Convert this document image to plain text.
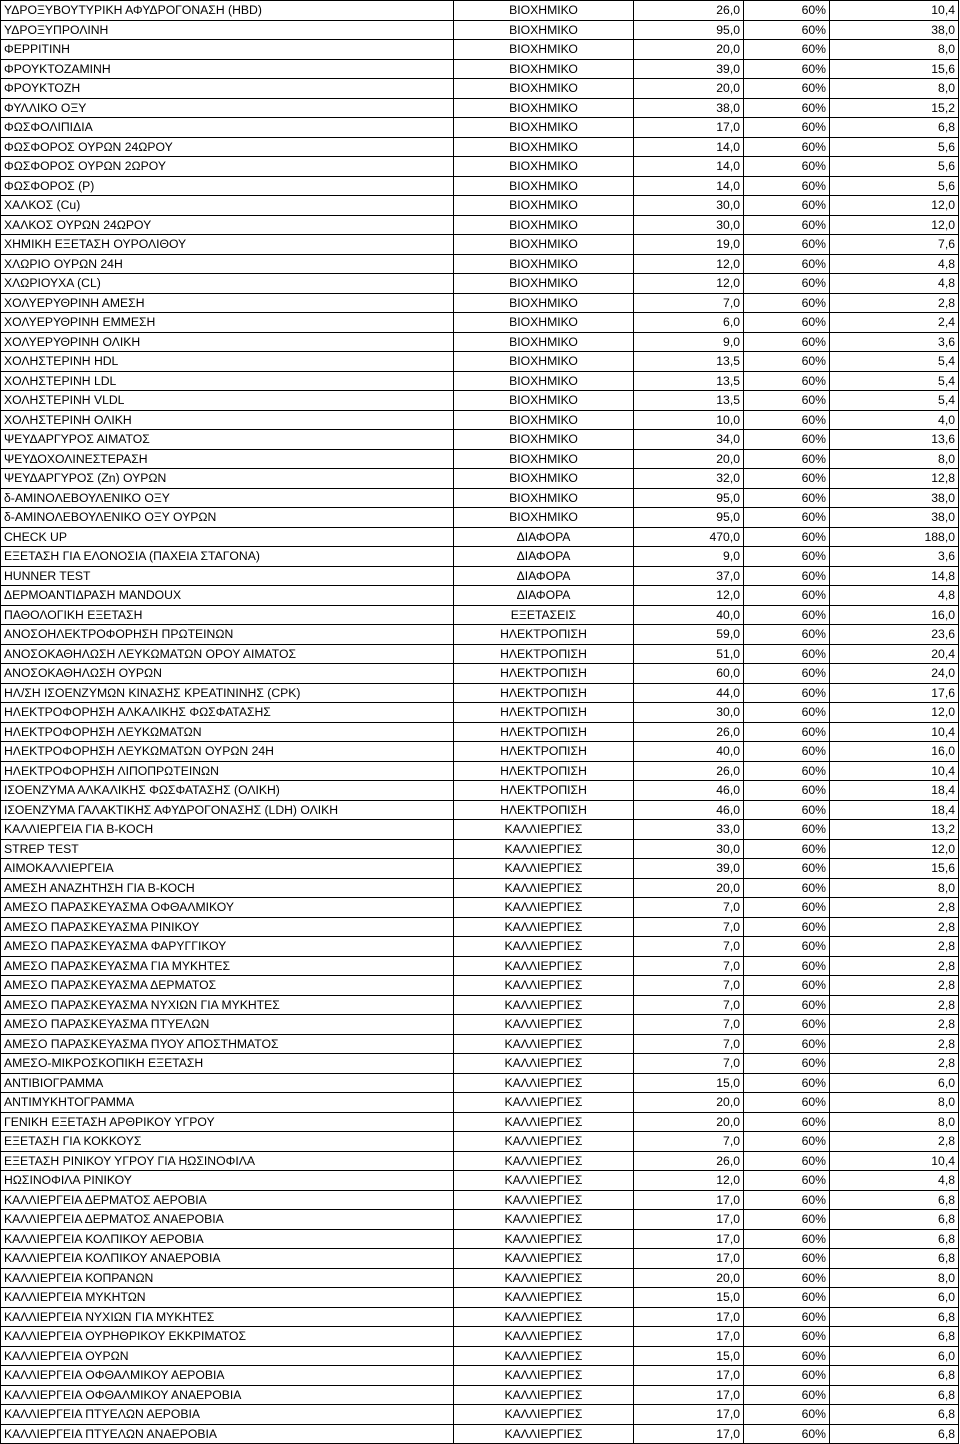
ΥΔΡΟΞΥΒΟΥΤΥΡΙΚΗ ΑΦΥΔΡΟΓΟΝΑΣΗ (HBD)	ΒΙΟΧΗΜΙΚΟ	26,0	60%	10,4
ΥΔΡΟΞΥΠΡΟΛΙΝΗ	ΒΙΟΧΗΜΙΚΟ	95,0	60%	38,0
ΦΕΡΡΙΤΙΝΗ	ΒΙΟΧΗΜΙΚΟ	20,0	60%	8,0
ΦΡΟΥΚΤΟΖΑΜΙΝΗ	ΒΙΟΧΗΜΙΚΟ	39,0	60%	15,6
ΦΡΟΥΚΤΟΖΗ	ΒΙΟΧΗΜΙΚΟ	20,0	60%	8,0
ΦΥΛΛΙΚΟ ΟΞΥ	ΒΙΟΧΗΜΙΚΟ	38,0	60%	15,2
ΦΩΣΦΟΛΙΠΙΔΙΑ	ΒΙΟΧΗΜΙΚΟ	17,0	60%	6,8
ΦΩΣΦΟΡΟΣ ΟΥΡΩΝ 24ΩΡΟΥ	ΒΙΟΧΗΜΙΚΟ	14,0	60%	5,6
ΦΩΣΦΟΡΟΣ ΟΥΡΩΝ 2ΩΡΟΥ	ΒΙΟΧΗΜΙΚΟ	14,0	60%	5,6
ΦΩΣΦΟΡΟΣ (P)	ΒΙΟΧΗΜΙΚΟ	14,0	60%	5,6
ΧΑΛΚΟΣ (Cu)	ΒΙΟΧΗΜΙΚΟ	30,0	60%	12,0
ΧΑΛΚΟΣ ΟΥΡΩΝ 24ΩΡΟΥ	ΒΙΟΧΗΜΙΚΟ	30,0	60%	12,0
ΧΗΜΙΚΗ ΕΞΕΤΑΣΗ ΟΥΡΟΛΙΘΟΥ	ΒΙΟΧΗΜΙΚΟ	19,0	60%	7,6
ΧΛΩΡΙΟ ΟΥΡΩΝ 24Η	ΒΙΟΧΗΜΙΚΟ	12,0	60%	4,8
ΧΛΩΡΙΟΥΧΑ (CL)	ΒΙΟΧΗΜΙΚΟ	12,0	60%	4,8
ΧΟΛΥΕΡΥΘΡΙΝΗ ΑΜΕΣΗ	ΒΙΟΧΗΜΙΚΟ	7,0	60%	2,8
ΧΟΛΥΕΡΥΘΡΙΝΗ ΕΜΜΕΣΗ	ΒΙΟΧΗΜΙΚΟ	6,0	60%	2,4
ΧΟΛΥΕΡΥΘΡΙΝΗ ΟΛΙΚΗ	ΒΙΟΧΗΜΙΚΟ	9,0	60%	3,6
ΧΟΛΗΣΤΕΡΙΝΗ HDL	ΒΙΟΧΗΜΙΚΟ	13,5	60%	5,4
ΧΟΛΗΣΤΕΡΙΝΗ LDL	ΒΙΟΧΗΜΙΚΟ	13,5	60%	5,4
ΧΟΛΗΣΤΕΡΙΝΗ VLDL	ΒΙΟΧΗΜΙΚΟ	13,5	60%	5,4
ΧΟΛΗΣΤΕΡΙΝΗ ΟΛΙΚΗ	ΒΙΟΧΗΜΙΚΟ	10,0	60%	4,0
ΨΕΥΔΑΡΓΥΡΟΣ ΑΙΜΑΤΟΣ	ΒΙΟΧΗΜΙΚΟ	34,0	60%	13,6
ΨΕΥΔΟΧΟΛΙΝΕΣΤΕΡΑΣΗ	ΒΙΟΧΗΜΙΚΟ	20,0	60%	8,0
ΨΕΥΔΑΡΓΥΡΟΣ (Zn) ΟΥΡΩΝ	ΒΙΟΧΗΜΙΚΟ	32,0	60%	12,8
δ-ΑΜΙΝΟΛΕΒΟΥΛΕΝΙΚΟ ΟΞΥ	ΒΙΟΧΗΜΙΚΟ	95,0	60%	38,0
δ-ΑΜΙΝΟΛΕΒΟΥΛΕΝΙΚΟ ΟΞΥ ΟΥΡΩΝ	ΒΙΟΧΗΜΙΚΟ	95,0	60%	38,0
CHECK UP	ΔΙΑΦΟΡΑ	470,0	60%	188,0
ΕΞΕΤΑΣΗ ΓΙΑ ΕΛΟΝΟΣΙΑ (ΠΑΧΕΙΑ ΣΤΑΓΟΝΑ)	ΔΙΑΦΟΡΑ	9,0	60%	3,6
HUNNER TEST	ΔΙΑΦΟΡΑ	37,0	60%	14,8
ΔΕΡΜΟΑΝΤΙΔΡΑΣΗ MANDOUX	ΔΙΑΦΟΡΑ	12,0	60%	4,8
ΠΑΘΟΛΟΓΙΚΗ ΕΞΕΤΑΣΗ	ΕΞΕΤΑΣΕΙΣ	40,0	60%	16,0
ΑΝΟΣΟΗΛΕΚΤΡΟΦΟΡΗΣΗ ΠΡΩΤΕΙΝΩΝ	ΗΛΕΚΤΡΟΠΙΣΗ	59,0	60%	23,6
ΑΝΟΣΟΚΑΘΗΛΩΣΗ ΛΕΥΚΩΜΑΤΩΝ ΟΡΟΥ ΑΙΜΑΤΟΣ	ΗΛΕΚΤΡΟΠΙΣΗ	51,0	60%	20,4
ΑΝΟΣΟΚΑΘΗΛΩΣΗ ΟΥΡΩΝ	ΗΛΕΚΤΡΟΠΙΣΗ	60,0	60%	24,0
ΗΛ/ΣΗ ΙΣΟΕΝΖΥΜΩΝ ΚΙΝΑΣΗΣ ΚΡΕΑΤΙΝΙΝΗΣ (CPK)	ΗΛΕΚΤΡΟΠΙΣΗ	44,0	60%	17,6
ΗΛΕΚΤΡΟΦΟΡΗΣΗ ΑΛΚΑΛΙΚΗΣ ΦΩΣΦΑΤΑΣΗΣ	ΗΛΕΚΤΡΟΠΙΣΗ	30,0	60%	12,0
ΗΛΕΚΤΡΟΦΟΡΗΣΗ ΛΕΥΚΩΜΑΤΩΝ	ΗΛΕΚΤΡΟΠΙΣΗ	26,0	60%	10,4
ΗΛΕΚΤΡΟΦΟΡΗΣΗ ΛΕΥΚΩΜΑΤΩΝ ΟΥΡΩΝ 24Η	ΗΛΕΚΤΡΟΠΙΣΗ	40,0	60%	16,0
ΗΛΕΚΤΡΟΦΟΡΗΣΗ ΛΙΠΟΠΡΩΤΕΙΝΩΝ	ΗΛΕΚΤΡΟΠΙΣΗ	26,0	60%	10,4
ΙΣΟΕΝΖΥΜΑ ΑΛΚΑΛΙΚΗΣ ΦΩΣΦΑΤΑΣΗΣ (ΟΛΙΚΗ)	ΗΛΕΚΤΡΟΠΙΣΗ	46,0	60%	18,4
ΙΣΟΕΝΖΥΜΑ ΓΑΛΑΚΤΙΚΗΣ ΑΦΥΔΡΟΓΟΝΑΣΗΣ (LDH) ΟΛΙΚΗ	ΗΛΕΚΤΡΟΠΙΣΗ	46,0	60%	18,4
ΚΑΛΛΙΕΡΓΕΙΑ ΓΙΑ Β-ΚΟCH	ΚΑΛΛΙΕΡΓΙΕΣ	33,0	60%	13,2
STREP TEST	ΚΑΛΛΙΕΡΓΙΕΣ	30,0	60%	12,0
ΑΙΜΟΚΑΛΛΙΕΡΓΕΙΑ	ΚΑΛΛΙΕΡΓΙΕΣ	39,0	60%	15,6
ΑΜΕΣΗ ΑΝΑΖΗΤΗΣΗ ΓΙΑ Β-ΚΟCH	ΚΑΛΛΙΕΡΓΙΕΣ	20,0	60%	8,0
ΑΜΕΣΟ ΠΑΡΑΣΚΕΥΑΣΜΑ ΟΦΘΑΛΜΙΚΟΥ	ΚΑΛΛΙΕΡΓΙΕΣ	7,0	60%	2,8
ΑΜΕΣΟ ΠΑΡΑΣΚΕΥΑΣΜΑ ΡΙΝΙΚΟΥ	ΚΑΛΛΙΕΡΓΙΕΣ	7,0	60%	2,8
ΑΜΕΣΟ ΠΑΡΑΣΚΕΥΑΣΜΑ ΦΑΡΥΓΓΙΚΟΥ	ΚΑΛΛΙΕΡΓΙΕΣ	7,0	60%	2,8
ΑΜΕΣΟ ΠΑΡΑΣΚΕΥΑΣΜΑ ΓΙΑ ΜΥΚΗΤΕΣ	ΚΑΛΛΙΕΡΓΙΕΣ	7,0	60%	2,8
ΑΜΕΣΟ ΠΑΡΑΣΚΕΥΑΣΜΑ ΔΕΡΜΑΤΟΣ	ΚΑΛΛΙΕΡΓΙΕΣ	7,0	60%	2,8
ΑΜΕΣΟ ΠΑΡΑΣΚΕΥΑΣΜΑ ΝΥΧΙΩΝ ΓΙΑ ΜΥΚΗΤΕΣ	ΚΑΛΛΙΕΡΓΙΕΣ	7,0	60%	2,8
ΑΜΕΣΟ ΠΑΡΑΣΚΕΥΑΣΜΑ ΠΤΥΕΛΩΝ	ΚΑΛΛΙΕΡΓΙΕΣ	7,0	60%	2,8
ΑΜΕΣΟ ΠΑΡΑΣΚΕΥΑΣΜΑ ΠΥΟΥ ΑΠΟΣΤΗΜΑΤΟΣ	ΚΑΛΛΙΕΡΓΙΕΣ	7,0	60%	2,8
ΑΜΕΣΟ-ΜΙΚΡΟΣΚΟΠΙΚΗ ΕΞΕΤΑΣΗ	ΚΑΛΛΙΕΡΓΙΕΣ	7,0	60%	2,8
ΑΝΤΙΒΙΟΓΡΑΜΜΑ	ΚΑΛΛΙΕΡΓΙΕΣ	15,0	60%	6,0
ΑΝΤΙΜΥΚΗΤΟΓΡΑΜΜΑ	ΚΑΛΛΙΕΡΓΙΕΣ	20,0	60%	8,0
ΓΕΝΙΚΗ ΕΞΕΤΑΣΗ ΑΡΘΡΙΚΟΥ ΥΓΡΟΥ	ΚΑΛΛΙΕΡΓΙΕΣ	20,0	60%	8,0
ΕΞΕΤΑΣΗ ΓΙΑ ΚΟΚΚΟΥΣ	ΚΑΛΛΙΕΡΓΙΕΣ	7,0	60%	2,8
ΕΞΕΤΑΣΗ ΡΙΝΙΚΟΥ ΥΓΡΟΥ ΓΙΑ ΗΩΣΙΝΟΦΙΛΑ	ΚΑΛΛΙΕΡΓΙΕΣ	26,0	60%	10,4
ΗΩΣΙΝΟΦΙΛΑ ΡΙΝΙΚΟΥ	ΚΑΛΛΙΕΡΓΙΕΣ	12,0	60%	4,8
ΚΑΛΛΙΕΡΓΕΙΑ ΔΕΡΜΑΤΟΣ ΑΕΡΟΒΙΑ	ΚΑΛΛΙΕΡΓΙΕΣ	17,0	60%	6,8
ΚΑΛΛΙΕΡΓΕΙΑ ΔΕΡΜΑΤΟΣ ΑΝΑΕΡΟΒΙΑ	ΚΑΛΛΙΕΡΓΙΕΣ	17,0	60%	6,8
ΚΑΛΛΙΕΡΓΕΙΑ ΚΟΛΠΙΚΟΥ ΑΕΡΟΒΙΑ	ΚΑΛΛΙΕΡΓΙΕΣ	17,0	60%	6,8
ΚΑΛΛΙΕΡΓΕΙΑ ΚΟΛΠΙΚΟΥ ΑΝΑΕΡΟΒΙΑ	ΚΑΛΛΙΕΡΓΙΕΣ	17,0	60%	6,8
ΚΑΛΛΙΕΡΓΕΙΑ ΚΟΠΡΑΝΩΝ	ΚΑΛΛΙΕΡΓΙΕΣ	20,0	60%	8,0
ΚΑΛΛΙΕΡΓΕΙΑ ΜΥΚΗΤΩΝ	ΚΑΛΛΙΕΡΓΙΕΣ	15,0	60%	6,0
ΚΑΛΛΙΕΡΓΕΙΑ ΝΥΧΙΩΝ ΓΙΑ ΜΥΚΗΤΕΣ	ΚΑΛΛΙΕΡΓΙΕΣ	17,0	60%	6,8
ΚΑΛΛΙΕΡΓΕΙΑ ΟΥΡΗΘΡΙΚΟΥ ΕΚΚΡΙΜΑΤΟΣ	ΚΑΛΛΙΕΡΓΙΕΣ	17,0	60%	6,8
ΚΑΛΛΙΕΡΓΕΙΑ ΟΥΡΩΝ	ΚΑΛΛΙΕΡΓΙΕΣ	15,0	60%	6,0
ΚΑΛΛΙΕΡΓΕΙΑ ΟΦΘΑΛΜΙΚΟΥ ΑΕΡΟΒΙΑ	ΚΑΛΛΙΕΡΓΙΕΣ	17,0	60%	6,8
ΚΑΛΛΙΕΡΓΕΙΑ ΟΦΘΑΛΜΙΚΟΥ ΑΝΑΕΡΟΒΙΑ	ΚΑΛΛΙΕΡΓΙΕΣ	17,0	60%	6,8
ΚΑΛΛΙΕΡΓΕΙΑ ΠΤΥΕΛΩΝ ΑΕΡΟΒΙΑ	ΚΑΛΛΙΕΡΓΙΕΣ	17,0	60%	6,8
ΚΑΛΛΙΕΡΓΕΙΑ ΠΤΥΕΛΩΝ ΑΝΑΕΡΟΒΙΑ	ΚΑΛΛΙΕΡΓΙΕΣ	17,0	60%	6,8
